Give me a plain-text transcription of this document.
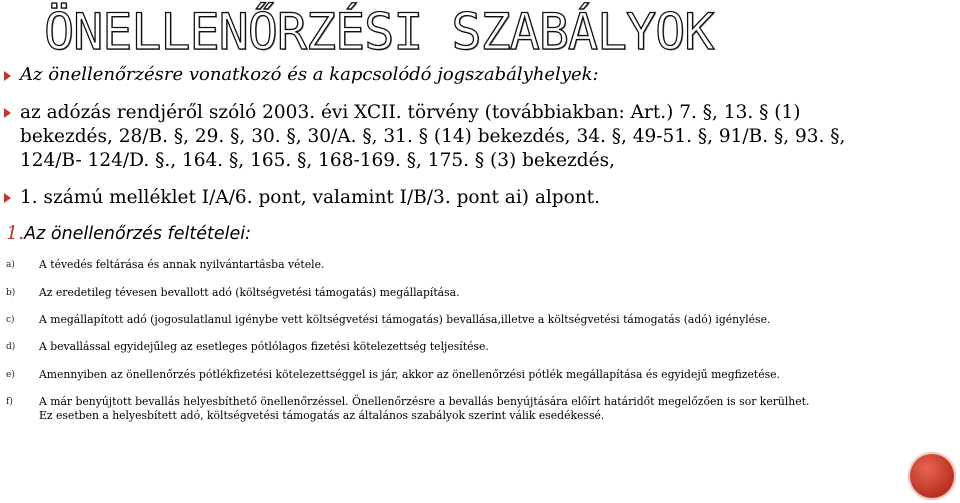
ÖNELLENŐRZÉSI SZABÁLYOK
Az önellenőrzésre vonatkozó és a kapcsolódó jogszabályhelyek:
az adózás rendjéről szóló 2003. évi XCII. törvény (továbbiakban: Art.) 7. §, 13. § (1)
bekezdés, 28/B. §, 29. §, 30. §, 30/A. §, 31. § (14) bekezdés, 34. §, 49-51. §, 91/B. §, 93. §,
124/B- 124/D. §., 164. §, 165. §, 168-169. §, 175. § (3) bekezdés,
1. számú melléklet I/A/6. pont, valamint I/B/3. pont ai) alpont.
1.Az önellenőrzés feltételei:
a) A tévedés feltárása és annak nyilvántartásba vétele.
b) Az eredetileg tévesen bevallott adó (költségvetési támogatás) megállapítása.
c) A megállapított adó (jogosulatlanul igénybe vett költségvetési támogatás) bevallása,illetve a költségvetési támogatás (adó) igénylése.
d) A bevallással egyidejűleg az esetleges pótlólagos fizetési kötelezettség teljesítése.
e) Amennyiben az önellenőrzés pótlékfizetési kötelezettséggel is jár, akkor az önellenőrzési pótlék megállapítása és egyidejű megfizetése.
f) A már benyújtott bevallás helyesbíthető önellenőrzéssel. Önellenőrzésre a bevallás benyújtására előírt határidőt megelőzően is sor kerülhet.
Ez esetben a helyesbített adó, költségvetési támogatás az általános szabályok szerint válik esedékessé.
